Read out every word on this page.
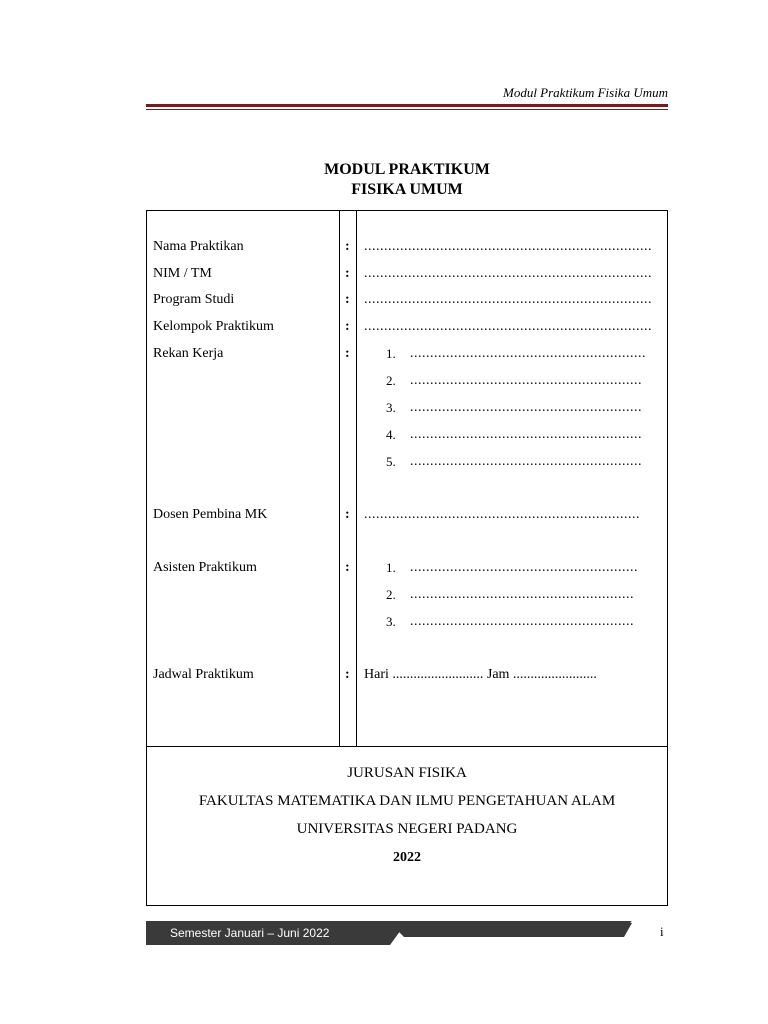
Modul Praktikum Fisika Umum
MODUL PRAKTIKUM
FISIKA UMUM
Nama Praktikan	: ........................................................................
NIM / TM	: ........................................................................
Program Studi	: ........................................................................
Kelompok Praktikum	: ........................................................................
Rekan Kerja	:	1. ...........................................................
2. ..........................................................
3. ..........................................................
4. ..........................................................
5. ..........................................................
Dosen Pembina MK	: .....................................................................
Asisten Praktikum	:	1. .........................................................
2. ........................................................
3. ........................................................
Jadwal Praktikum	: Hari .......................... Jam ........................
JURUSAN FISIKA
FAKULTAS MATEMATIKA DAN ILMU PENGETAHUAN ALAM
UNIVERSITAS NEGERI PADANG
2022
Semester Januari – Juni 2022	i
